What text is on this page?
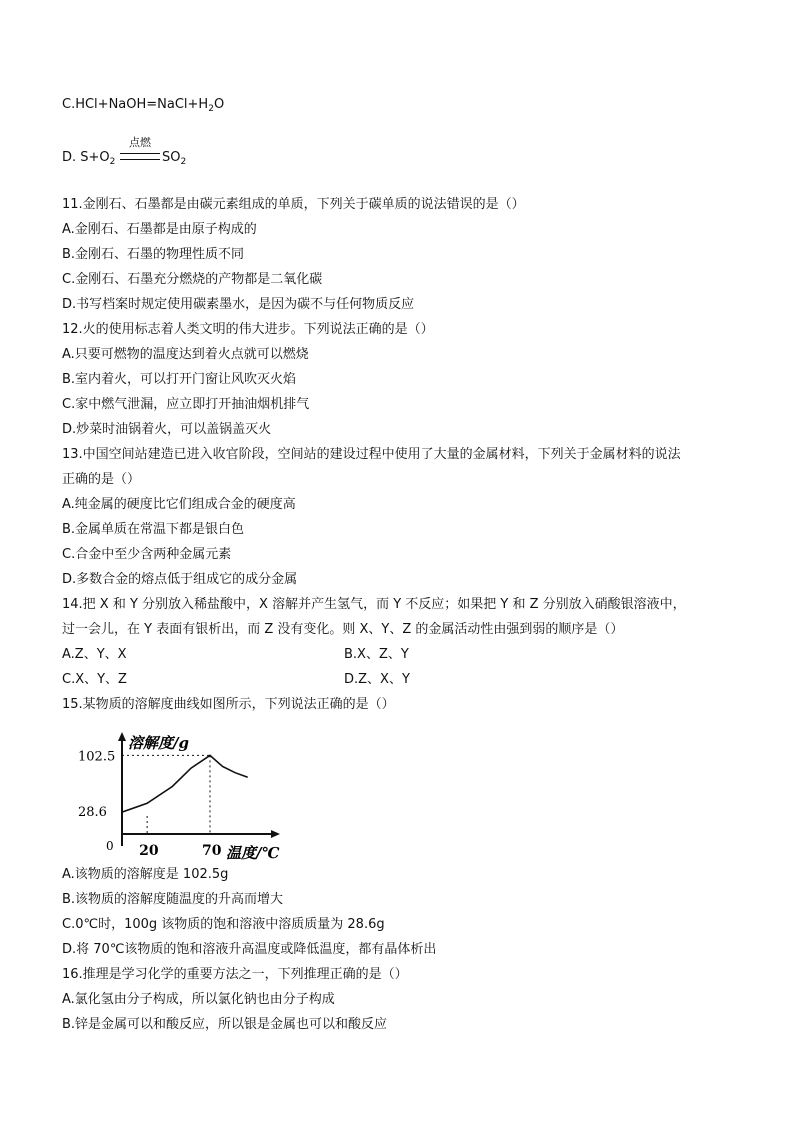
$C.HCl+NaOH=NaCl+H_2O$
D. $S+O_2$
点燃
$SO_2$
11.金刚石、石墨都是由碳元素组成的单质，下列关于碳单质的说法错误的是（）
A.金刚石、石墨都是由原子构成的
B.金刚石、石墨的物理性质不同
C.金刚石、石墨充分燃烧的产物都是二氧化碳
D.书写档案时规定使用碳素墨水，是因为碳不与任何物质反应
12.火的使用标志着人类文明的伟大进步。下列说法正确的是（）
A.只要可燃物的温度达到着火点就可以燃烧
B.室内着火，可以打开门窗让风吹灭火焰
C.家中燃气泄漏，应立即打开抽油烟机排气
D.炒菜时油锅着火，可以盖锅盖灭火
13.中国空间站建造已进入收官阶段，空间站的建设过程中使用了大量的金属材料，下列关于金属材料的说法
正确的是（）
A.纯金属的硬度比它们组成合金的硬度高
B.金属单质在常温下都是银白色
C.合金中至少含两种金属元素
D.多数合金的熔点低于组成它的成分金属
14.把 X 和 Y 分别放入稀盐酸中，X 溶解并产生氢气，而 Y 不反应；如果把 Y 和 Z 分别放入硝酸银溶液中，
过一会儿，在 Y 表面有银析出，而 Z 没有变化。则 X、Y、Z 的金属活动性由强到弱的顺序是（）
A.Z、Y、X	B.X、Z、Y
C.X、Y、Z	D.Z、X、Y
15.某物质的溶解度曲线如图所示，下列说法正确的是（）
溶解度/g
温度/℃
0
28.6
102.5
20	70
A.该物质的溶解度是 102.5g
B.该物质的溶解度随温度的升高而增大
C.0℃时，100g 该物质的饱和溶液中溶质质量为 28.6g
D.将 70℃该物质的饱和溶液升高温度或降低温度，都有晶体析出
16.推理是学习化学的重要方法之一，下列推理正确的是（）
A.氯化氢由分子构成，所以氯化钠也由分子构成
B.锌是金属可以和酸反应，所以银是金属也可以和酸反应
